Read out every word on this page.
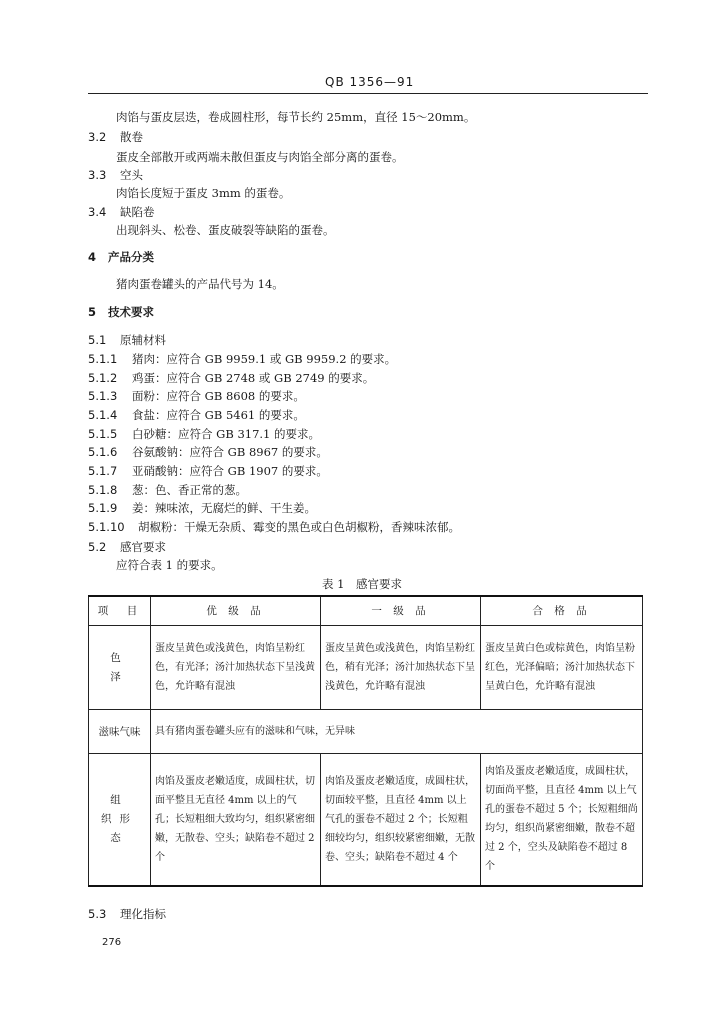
QB 1356—91
肉馅与蛋皮层迭，卷成圆柱形，每节长约 25mm，直径 15～20mm。
3.2 散卷
蛋皮全部散开或两端未散但蛋皮与肉馅全部分离的蛋卷。
3.3 空头
肉馅长度短于蛋皮 3mm 的蛋卷。
3.4 缺陷卷
出现斜头、松卷、蛋皮破裂等缺陷的蛋卷。
4 产品分类
猪肉蛋卷罐头的产品代号为 14。
5 技术要求
5.1 原辅材料
5.1.1 猪肉：应符合 GB 9959.1 或 GB 9959.2 的要求。
5.1.2 鸡蛋：应符合 GB 2748 或 GB 2749 的要求。
5.1.3 面粉：应符合 GB 8608 的要求。
5.1.4 食盐：应符合 GB 5461 的要求。
5.1.5 白砂糖：应符合 GB 317.1 的要求。
5.1.6 谷氨酸钠：应符合 GB 8967 的要求。
5.1.7 亚硝酸钠：应符合 GB 1907 的要求。
5.1.8 葱：色、香正常的葱。
5.1.9 姜：辣味浓，无腐烂的鲜、干生姜。
5.1.10 胡椒粉：干燥无杂质、霉变的黑色或白色胡椒粉，香辣味浓郁。
5.2 感官要求
应符合表 1 的要求。
表 1　感官要求
项　目	优 级 品	一 级 品	合 格 品
色　泽	蛋皮呈黄色或浅黄色，肉馅呈粉红色，有光泽；汤汁加热状态下呈浅黄色，允许略有混浊	蛋皮呈黄色或浅黄色，肉馅呈粉红色，稍有光泽；汤汁加热状态下呈浅黄色，允许略有混浊	蛋皮呈黄白色或棕黄色，肉馅呈粉红色，光泽偏暗；汤汁加热状态下呈黄白色，允许略有混浊
滋味气味	具有猪肉蛋卷罐头应有的滋味和气味，无异味		
组　织形　态	肉馅及蛋皮老嫩适度，成圆柱状，切面平整且无直径 4mm 以上的气孔；长短粗细大致均匀，组织紧密细嫩，无散卷、空头；缺陷卷不超过 2 个	肉馅及蛋皮老嫩适度，成圆柱状，切面较平整，且直径 4mm 以上气孔的蛋卷不超过 2 个；长短粗细较均匀，组织较紧密细嫩，无散卷、空头；缺陷卷不超过 4 个	肉馅及蛋皮老嫩适度，成圆柱状，切面尚平整，且直径 4mm 以上气孔的蛋卷不超过 5 个；长短粗细尚均匀，组织尚紧密细嫩，散卷不超过 2 个，空头及缺陷卷不超过 8 个
5.3 理化指标
276
